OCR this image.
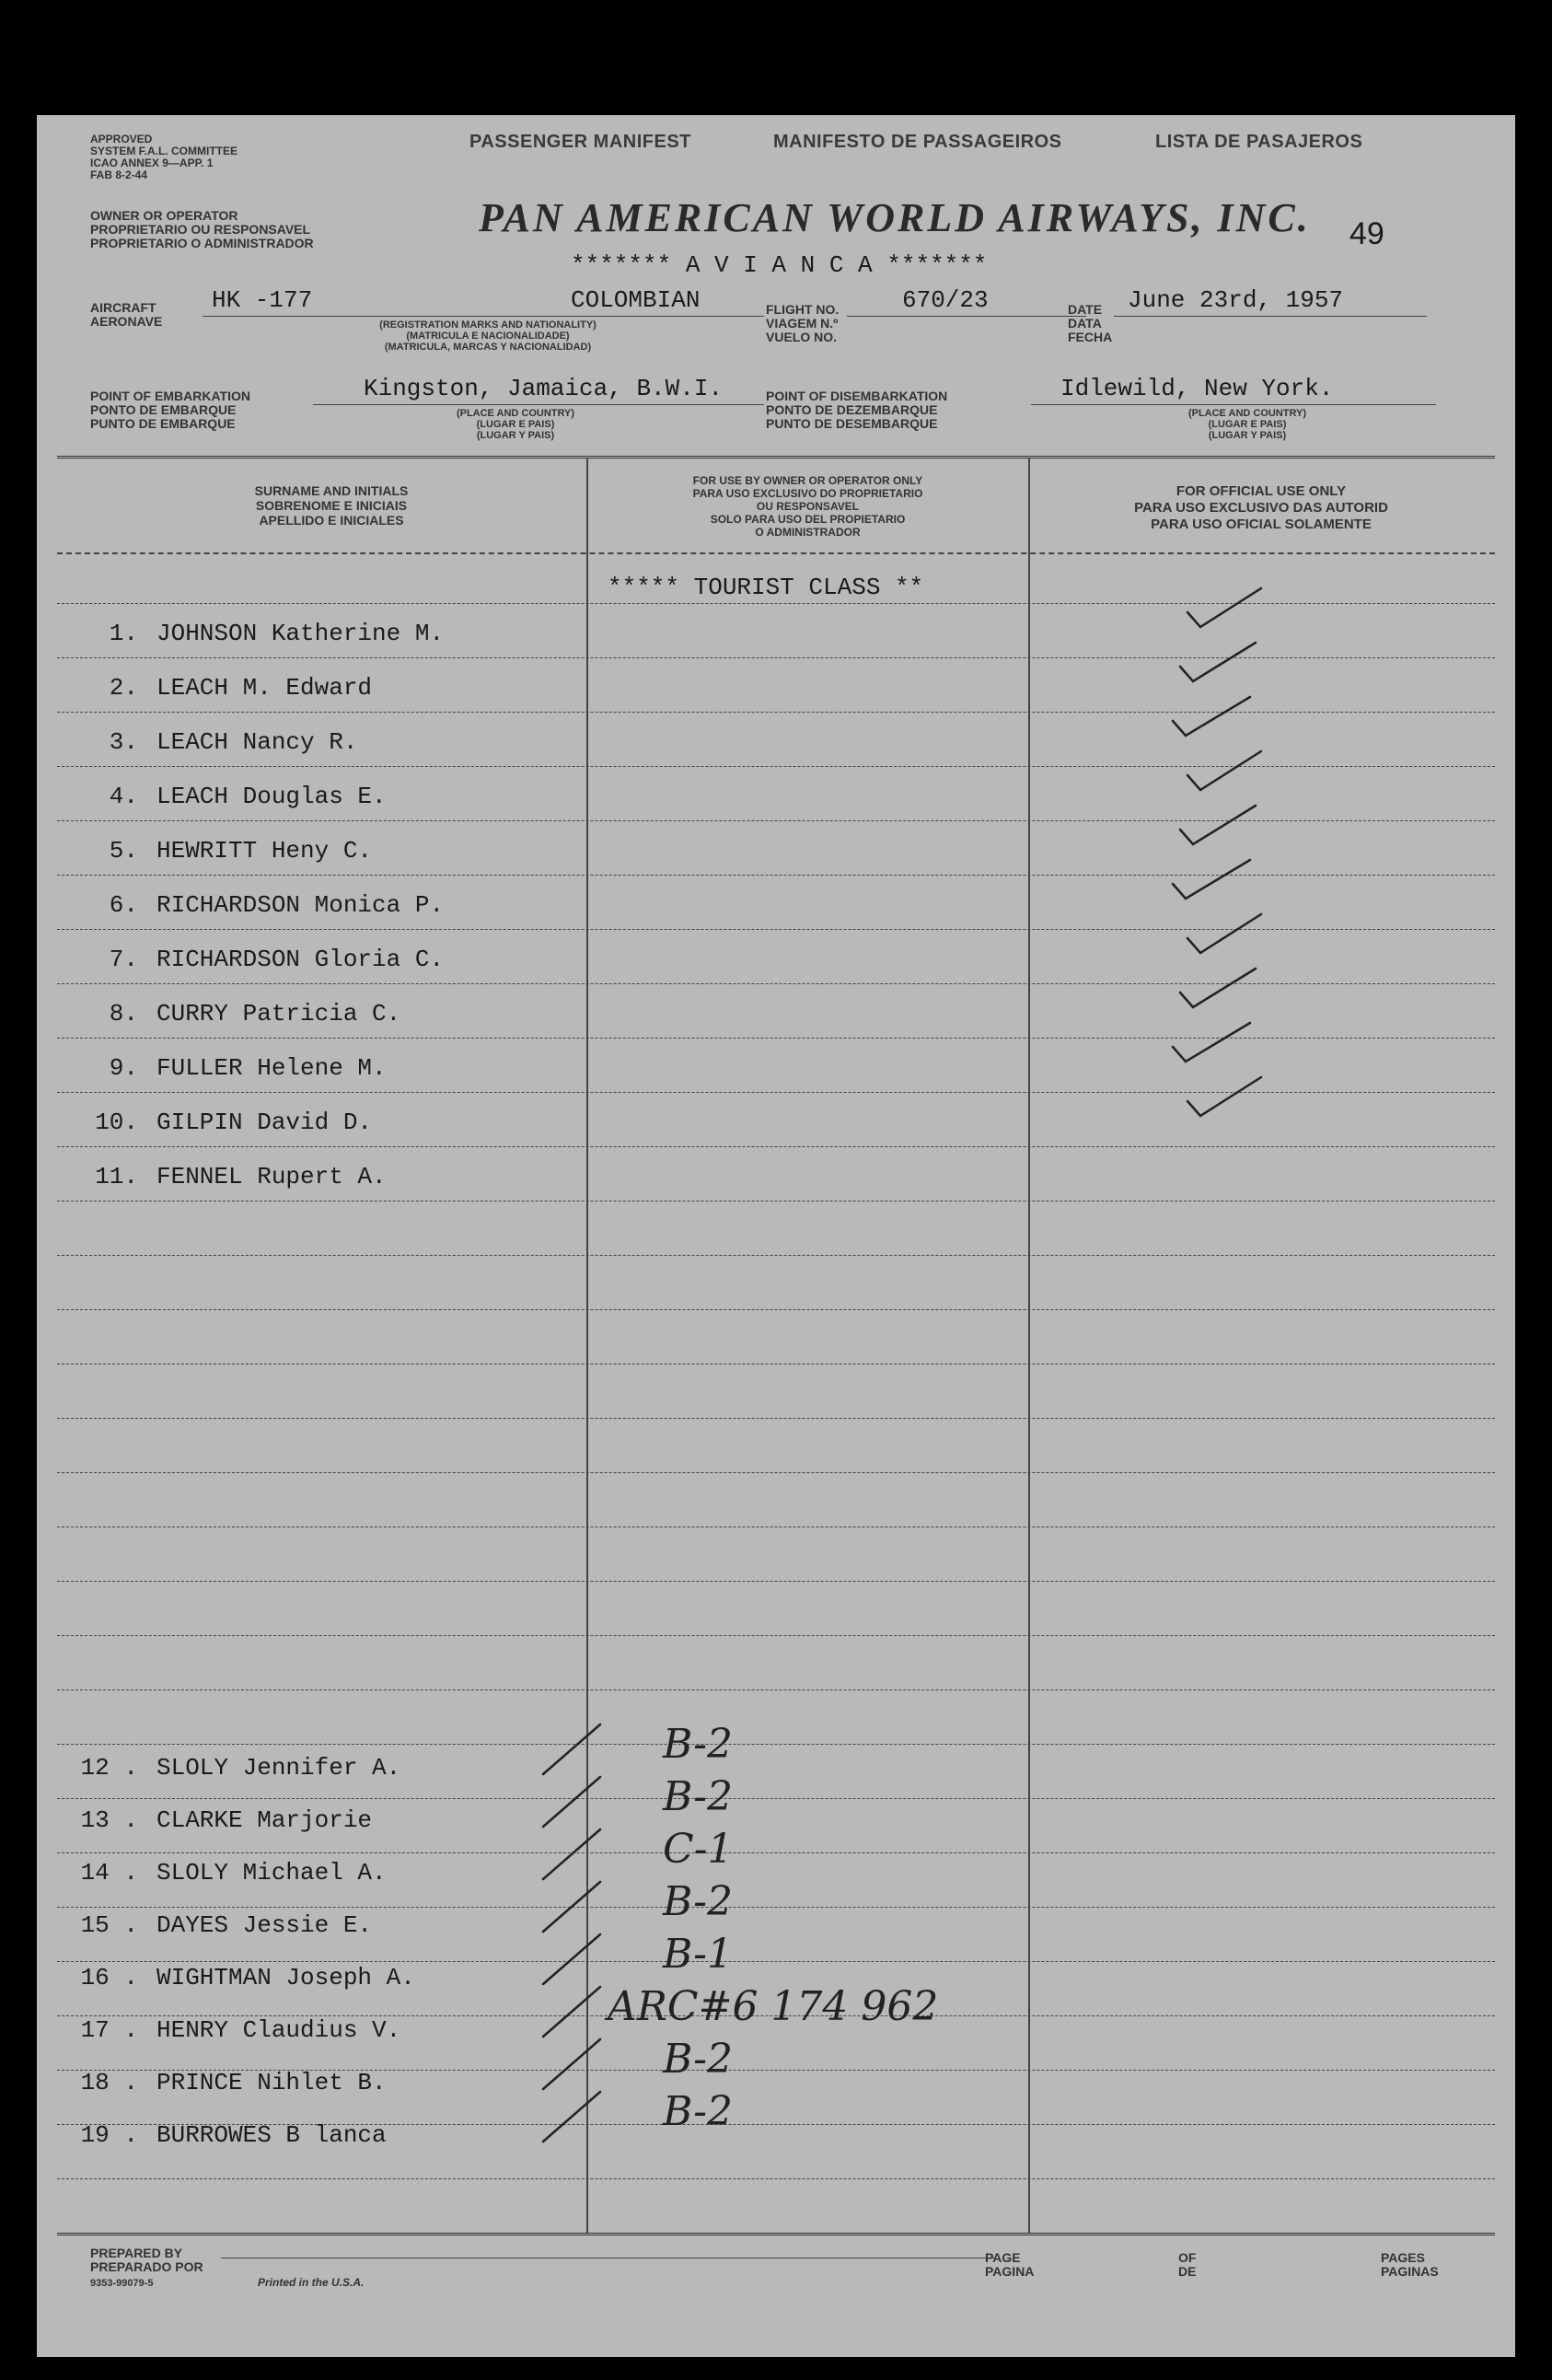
APPROVED
SYSTEM F.A.L. COMMITTEE
ICAO ANNEX 9—APP. 1
FAB 8-2-44
PASSENGER MANIFEST	MANIFESTO DE PASSAGEIROS	LISTA DE PASAJEROS
OWNER OR OPERATOR
PROPRIETARIO OU RESPONSAVEL
PROPRIETARIO O ADMINISTRADOR
PAN AMERICAN WORLD AIRWAYS, INC. 49
******* A V I A N C A *******
AIRCRAFT
AERONAVE
HK -177	COLOMBIAN
(REGISTRATION MARKS AND NATIONALITY)
(MATRICULA E NACIONALIDADE)
(MATRICULA, MARCAS Y NACIONALIDAD)
FLIGHT NO.
VIAGEM N.º
VUELO NO.
670/23	DATE
DATA
FECHA
June 23rd, 1957
POINT OF EMBARKATION
PONTO DE EMBARQUE
PUNTO DE EMBARQUE
Kingston, Jamaica, B.W.I.
(PLACE AND COUNTRY)
(LUGAR E PAIS)
(LUGAR Y PAIS)
POINT OF DISEMBARKATION
PONTO DE DEZEMBARQUE
PUNTO DE DESEMBARQUE
Idlewild, New York.
(PLACE AND COUNTRY)
(LUGAR E PAIS)
(LUGAR Y PAIS)
SURNAME AND INITIALS
SOBRENOME E INICIAIS
APELLIDO E INICIALES
FOR USE BY OWNER OR OPERATOR ONLY
PARA USO EXCLUSIVO DO PROPRIETARIO
OU RESPONSAVEL
SOLO PARA USO DEL PROPIETARIO
O ADMINISTRADOR
FOR OFFICIAL USE ONLY
PARA USO EXCLUSIVO DAS AUTORID
PARA USO OFICIAL SOLAMENTE
***** TOURIST CLASS **
1. JOHNSON Katherine M.
2. LEACH M. Edward
3. LEACH Nancy R.
4. LEACH Douglas E.
5. HEWRITT Heny C.
6. RICHARDSON Monica P.
7. RICHARDSON Gloria C.
8. CURRY Patricia C.
9. FULLER Helene M.
10. GILPIN David D.
11. FENNEL Rupert A.
12 . SLOLY Jennifer A.	B-2
13 . CLARKE Marjorie	B-2
14 . SLOLY Michael A.	C-1
15 . DAYES Jessie E.	B-2
16 . WIGHTMAN Joseph A.	B-1
17 . HENRY Claudius V.	ARC#6 174 962
18 . PRINCE Nihlet B.	B-2
19 . BURROWES B lanca	B-2
PREPARED BY
PREPARADO POR
9353-99079-5	Printed in the U.S.A.
PAGE
PAGINA
OF
DE
PAGES
PAGINAS
